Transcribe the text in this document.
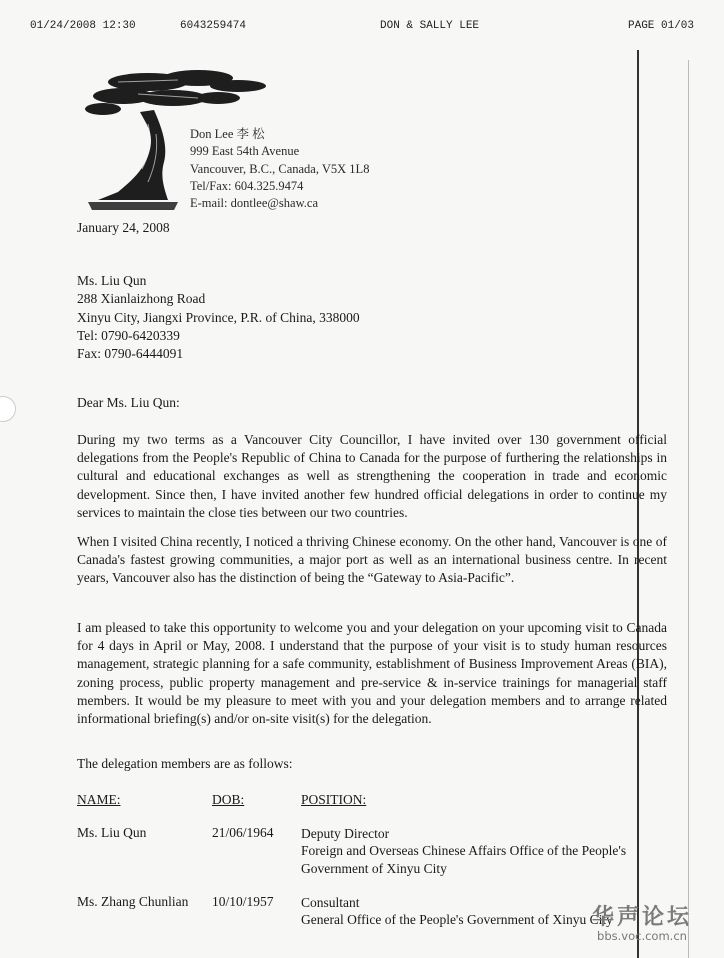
01/24/2008 12:30	6043259474	DON & SALLY LEE	PAGE 01/03
Don Lee 李 松
999 East 54th Avenue
Vancouver, B.C., Canada, V5X 1L8
Tel/Fax: 604.325.9474
E-mail: dontlee@shaw.ca
January 24, 2008
Ms. Liu Qun
288 Xianlaizhong Road
Xinyu City, Jiangxi Province, P.R. of China, 338000
Tel: 0790-6420339
Fax: 0790-6444091
Dear Ms. Liu Qun:
During my two terms as a Vancouver City Councillor, I have invited over 130 government official delegations from the People's Republic of China to Canada for the purpose of furthering the relationships in cultural and educational exchanges as well as strengthening the cooperation in trade and economic development. Since then, I have invited another few hundred official delegations in order to continue my services to maintain the close ties between our two countries.
When I visited China recently, I noticed a thriving Chinese economy. On the other hand, Vancouver is one of Canada's fastest growing communities, a major port as well as an international business centre. In recent years, Vancouver also has the distinction of being the “Gateway to Asia-Pacific”.
I am pleased to take this opportunity to welcome you and your delegation on your upcoming visit to Canada for 4 days in April or May, 2008. I understand that the purpose of your visit is to study human resources management, strategic planning for a safe community, establishment of Business Improvement Areas (BIA), zoning process, public property management and pre-service & in-service trainings for managerial staff members. It would be my pleasure to meet with you and your delegation members and to arrange related informational briefing(s) and/or on-site visit(s) for the delegation.
The delegation members are as follows:
NAME:	DOB:	POSITION:
Ms. Liu Qun	21/06/1964 Deputy Director
Foreign and Overseas Chinese Affairs Office of the People's Government of Xinyu City
Ms. Zhang Chunlian 10/10/1957 Consultant
General Office of the People's Government of Xinyu City
华声论坛
bbs.voc.com.cn
